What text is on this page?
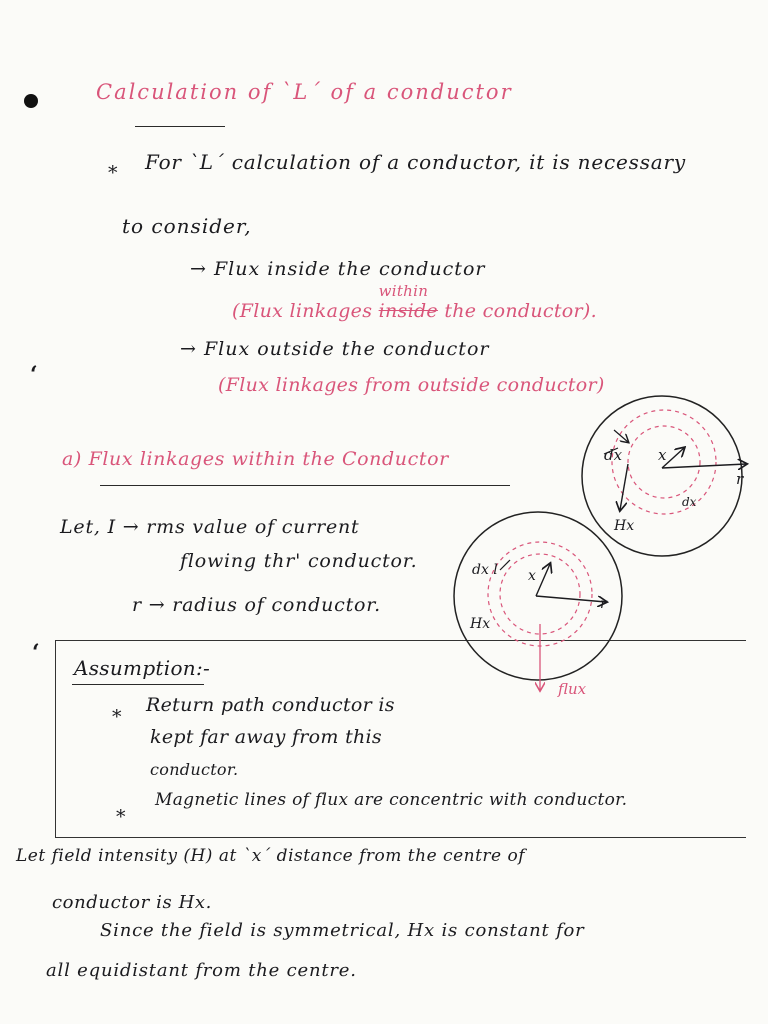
‘
‘
Calculation of `L´ of a conductor
* For `L´ calculation of a conductor, it is necessary
to consider,
→ Flux inside the conductor
(Flux linkages inside
within
the conductor).
→ Flux outside the conductor
(Flux linkages from outside conductor)
a) Flux linkages within the Conductor
Let, I → rms value of current
flowing thr' conductor.
r → radius of conductor.
Assumption:-
*
Return path conductor is
kept far away from this
conductor.
*
Magnetic lines of flux are concentric with conductor.
Let field intensity (H) at `x´ distance from the centre of
conductor is Hx.
Since the field is symmetrical, Hx is constant for
all equidistant from the centre.
dx x
r
Hx
dx
dx l x
r
Hx
flux
